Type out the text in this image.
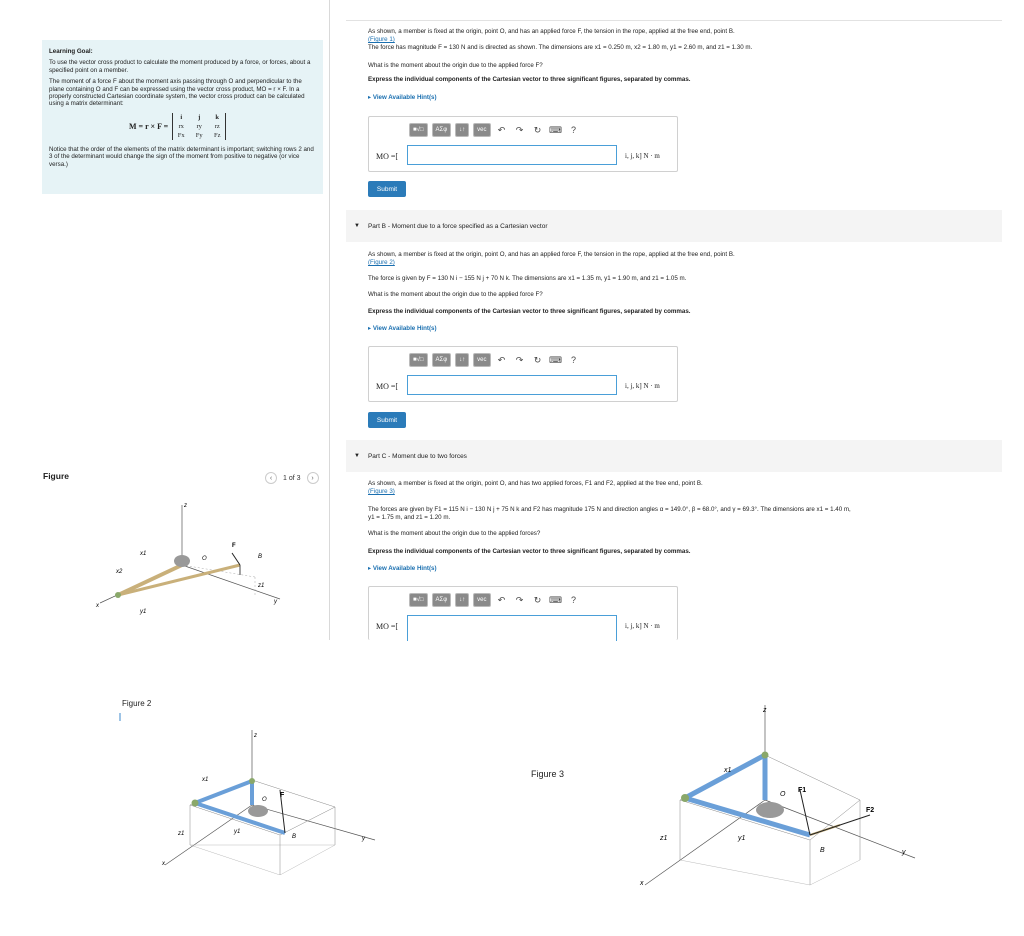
Learning Goal:

To use the vector cross product to calculate the moment produced by a force, or forces, about a specified point on a member.

The moment of a force F about the moment axis passing through O and perpendicular to the plane containing O and F can be expressed using the vector cross product, MO = r × F. In a properly constructed Cartesian coordinate system, the vector cross product can be calculated using a matrix determinant:

M = r × F =
i	j	k
rx ry rz
Fx Fy Fz

Notice that the order of the elements of the matrix determinant is important; switching rows 2 and 3 of the determinant would change the sign of the moment from positive to negative (or vice versa.)

Figure	‹	1 of 3	›
z
x1
x2
O
F
B
z1
y
y1
x
As shown, a member is fixed at the origin, point O, and has an applied force F, the tension in the rope, applied at the free end, point B.
(Figure 1)
The force has magnitude F = 130 N and is directed as shown. The dimensions are x1 = 0.250 m, x2 = 1.80 m, y1 = 2.60 m, and z1 = 1.30 m.
What is the moment about the origin due to the applied force F?
Express the individual components of the Cartesian vector to three significant figures, separated by commas.
▸ View Available Hint(s)
■√□	ΑΣφ	↓↑	vec	↶	↷	↻ ⌨ ?
MO =[	i, j, k] N · m
Submit
▼ Part B - Moment due to a force specified as a Cartesian vector
As shown, a member is fixed at the origin, point O, and has an applied force F, the tension in the rope, applied at the free end, point B.
(Figure 2)
The force is given by F = 130 N i − 155 N j + 70 N k. The dimensions are x1 = 1.35 m, y1 = 1.90 m, and z1 = 1.05 m.
What is the moment about the origin due to the applied force F?
Express the individual components of the Cartesian vector to three significant figures, separated by commas.
▸ View Available Hint(s)
■√□	ΑΣφ	↓↑	vec	↶	↷	↻ ⌨ ?
MO =[	i, j, k] N · m
Submit
▼ Part C - Moment due to two forces
As shown, a member is fixed at the origin, point O, and has two applied forces, F1 and F2, applied at the free end, point B.
(Figure 3)
The forces are given by F1 = 115 N i − 130 N j + 75 N k and F2 has magnitude 175 N and direction angles α = 149.0°, β = 68.0°, and γ = 69.3°. The dimensions are x1 = 1.40 m,
y1 = 1.75 m, and z1 = 1.20 m.
What is the moment about the origin due to the applied forces?
Express the individual components of the Cartesian vector to three significant figures, separated by commas.
▸ View Available Hint(s)
■√□	ΑΣφ	↓↑	vec	↶	↷	↻ ⌨ ?
MO =[	i, j, k] N · m
Figure 2
z
x1
O
F
z1	y1
B	y
x
Figure 3
z
x1
O
F1
F2
z1	y1
B	y
x
